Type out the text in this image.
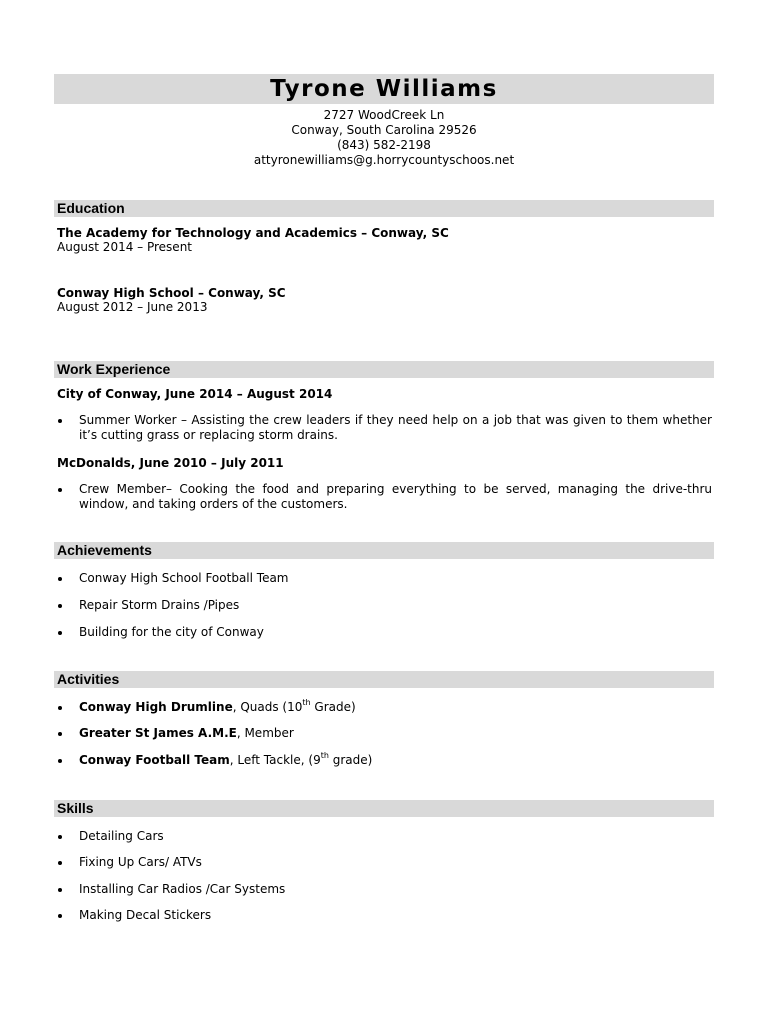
Tyrone Williams
2727 WoodCreek Ln
Conway, South Carolina 29526
(843) 582-2198
attyronewilliams@g.horrycountyschoos.net
Education
The Academy for Technology and Academics – Conway, SC
August 2014 – Present
Conway High School – Conway, SC
August 2012 – June 2013
Work Experience
City of Conway, June 2014 – August 2014
Summer Worker – Assisting the crew leaders if they need help on a job that was given to them whether it’s cutting grass or replacing storm drains.
McDonalds, June 2010 – July 2011
Crew Member– Cooking the food and preparing everything to be served, managing the drive-thru window, and taking orders of the customers.
Achievements
Conway High School Football Team
Repair Storm Drains /Pipes
Building for the city of Conway
Activities
Conway High Drumline, Quads (10th Grade)
Greater St James A.M.E, Member
Conway Football Team, Left Tackle, (9th grade)
Skills
Detailing Cars
Fixing Up Cars/ ATVs
Installing Car Radios /Car Systems
Making Decal Stickers
